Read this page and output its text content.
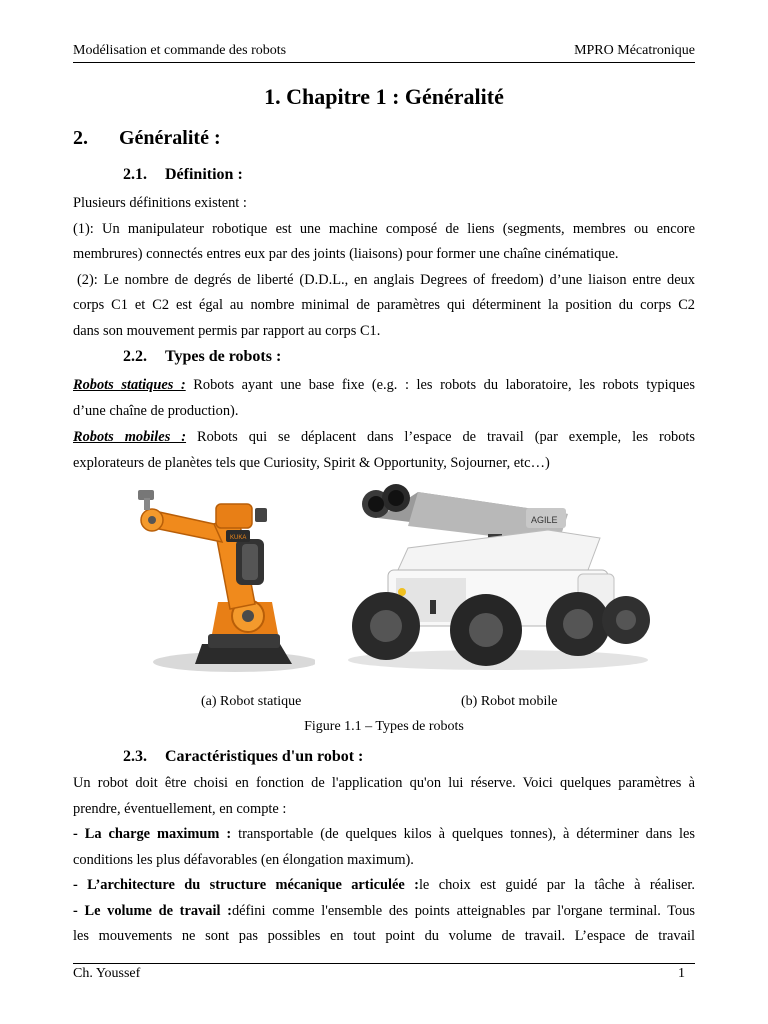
Modélisation et commande des robots	MPRO Mécatronique
1. Chapitre 1 : Généralité
2. Généralité :
2.1. Définition :
Plusieurs définitions existent :
(1): Un manipulateur robotique est une machine composé de liens (segments, membres ou encore
membrures) connectés entres eux par des joints (liaisons) pour former une chaîne cinématique.
(2): Le nombre de degrés de liberté (D.D.L., en anglais Degrees of freedom) d’une liaison entre deux
corps C1 et C2 est égal au nombre minimal de paramètres qui déterminent la position du corps C2
dans son mouvement permis par rapport au corps C1.
2.2. Types de robots :
Robots statiques : Robots ayant une base fixe (e.g. : les robots du laboratoire, les robots typiques
d’une chaîne de production).
Robots mobiles : Robots qui se déplacent dans l’espace de travail (par exemple, les robots
explorateurs de planètes tels que Curiosity, Spirit & Opportunity, Sojourner, etc…)
KUKA
AGILE
(a) Robot statique	(b) Robot mobile
Figure 1.1 – Types de robots
2.3. Caractéristiques d'un robot :
Un robot doit être choisi en fonction de l'application qu'on lui réserve. Voici quelques paramètres à
prendre, éventuellement, en compte :
- La charge maximum : transportable (de quelques kilos à quelques tonnes), à déterminer dans les
conditions les plus défavorables (en élongation maximum).
- L’architecture du structure mécanique articulée :le choix est guidé par la tâche à réaliser.
- Le volume de travail :défini comme l'ensemble des points atteignables par l'organe terminal. Tous
les mouvements ne sont pas possibles en tout point du volume de travail. L’espace de travail
Ch. Youssef	1
